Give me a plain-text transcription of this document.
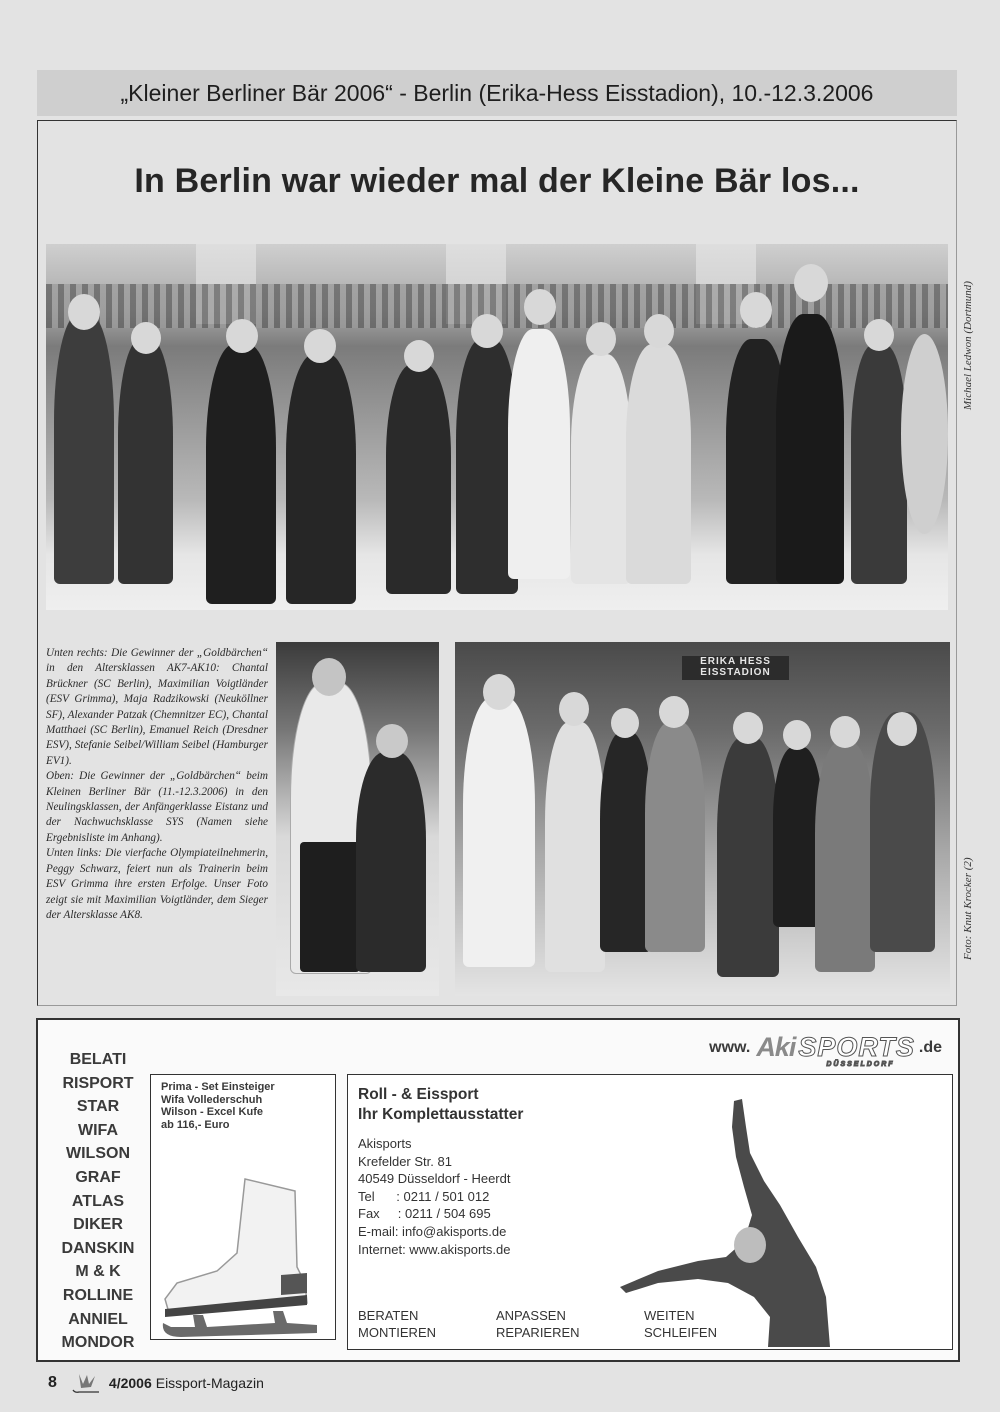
„Kleiner Berliner Bär 2006“ - Berlin (Erika-Hess Eisstadion), 10.-12.3.2006
In Berlin war wieder mal der Kleine Bär los...
Michael Ledwon (Dortmund)

Unten rechts: Die Gewinner der „Goldbärchen“ in den Altersklassen AK7-AK10: Chantal Brückner (SC Berlin), Maximilian Voigtländer (ESV Grimma), Maja Radzikowski (Neuköllner SF), Alexander Patzak (Chemnitzer EC), Chantal Matthaei (SC Berlin), Emanuel Reich (Dresdner ESV), Stefanie Seibel/William Seibel (Hamburger EV1).

Oben: Die Gewinner der „Goldbärchen“ beim Kleinen Berliner Bär (11.-12.3.2006) in den Neulingsklassen, der Anfängerklasse Eistanz und der Nachwuchsklasse SYS (Namen siehe Ergebnisliste im Anhang).

Unten links: Die vierfache Olympiateilnehmerin, Peggy Schwarz, feiert nun als Trainerin beim ESV Grimma ihre ersten Erfolge. Unser Foto zeigt sie mit Maximilian Voigtländer, dem Sieger der Altersklasse AK8.

ERIKA HESS
EISSTADION
Foto: Knut Krocker (2)
BELATI
RISPORT
STAR
WIFA
WILSON
GRAF
ATLAS
DIKER
DANSKIN
M & K
ROLLINE
ANNIEL
MONDOR
Prima - Set Einsteiger
Wifa Vollederschuh
Wilson - Excel Kufe
ab 116,- Euro
www. Aki SPORTS
DÜSSELDORF
.de
Roll - & Eissport
Ihr Komplettausstatter
Akisports
Krefelder Str. 81
40549 Düsseldorf - Heerdt
Tel      : 0211 / 501 012
Fax     : 0211 / 504 695
E-mail: info@akisports.de
Internet: www.akisports.de
BERATEN
MONTIEREN
ANPASSEN
REPARIEREN
WEITEN
SCHLEIFEN
8	4/2006 Eissport-Magazin
